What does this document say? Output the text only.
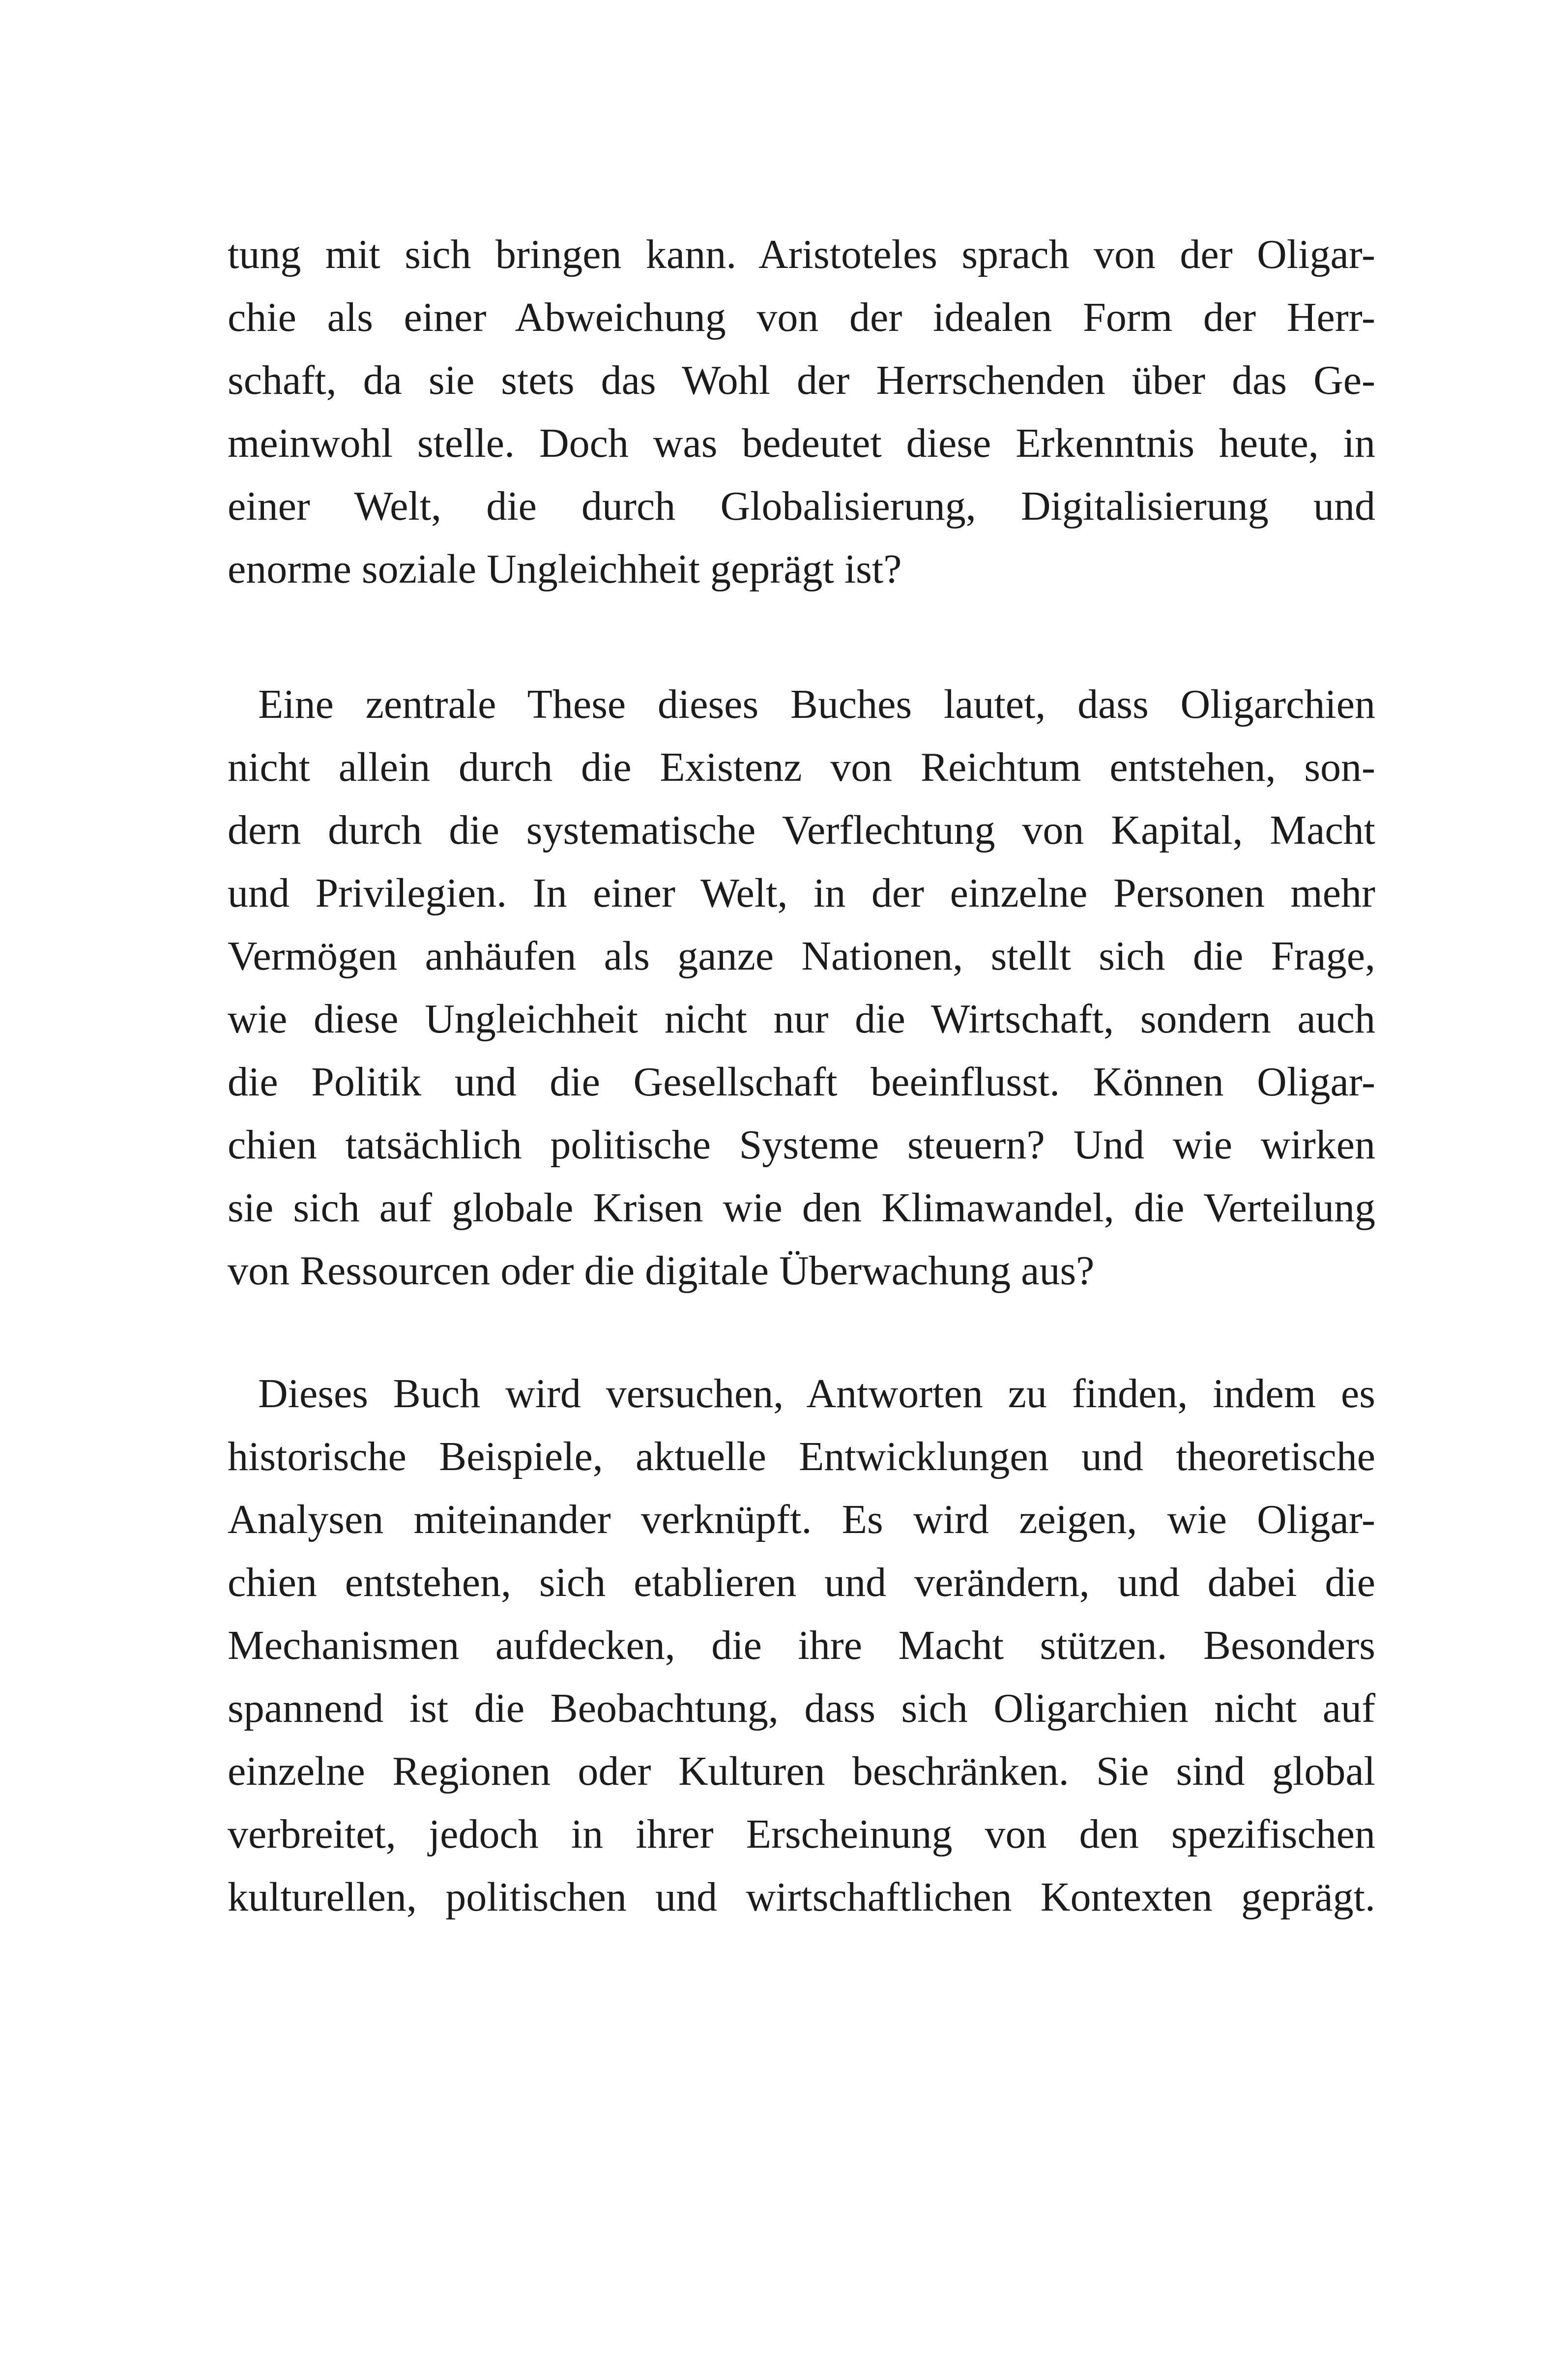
tung mit sich bringen kann. Aristoteles sprach von der Oligar-
chie als einer Abweichung von der idealen Form der Herr-
schaft, da sie stets das Wohl der Herrschenden über das Ge-
meinwohl stelle. Doch was bedeutet diese Erkenntnis heute, in
einer Welt, die durch Globalisierung, Digitalisierung und
enorme soziale Ungleichheit geprägt ist?
Eine zentrale These dieses Buches lautet, dass Oligarchien
nicht allein durch die Existenz von Reichtum entstehen, son-
dern durch die systematische Verflechtung von Kapital, Macht
und Privilegien. In einer Welt, in der einzelne Personen mehr
Vermögen anhäufen als ganze Nationen, stellt sich die Frage,
wie diese Ungleichheit nicht nur die Wirtschaft, sondern auch
die Politik und die Gesellschaft beeinflusst. Können Oligar-
chien tatsächlich politische Systeme steuern? Und wie wirken
sie sich auf globale Krisen wie den Klimawandel, die Verteilung
von Ressourcen oder die digitale Überwachung aus?
Dieses Buch wird versuchen, Antworten zu finden, indem es
historische Beispiele, aktuelle Entwicklungen und theoretische
Analysen miteinander verknüpft. Es wird zeigen, wie Oligar-
chien entstehen, sich etablieren und verändern, und dabei die
Mechanismen aufdecken, die ihre Macht stützen. Besonders
spannend ist die Beobachtung, dass sich Oligarchien nicht auf
einzelne Regionen oder Kulturen beschränken. Sie sind global
verbreitet, jedoch in ihrer Erscheinung von den spezifischen
kulturellen, politischen und wirtschaftlichen Kontexten geprägt.
